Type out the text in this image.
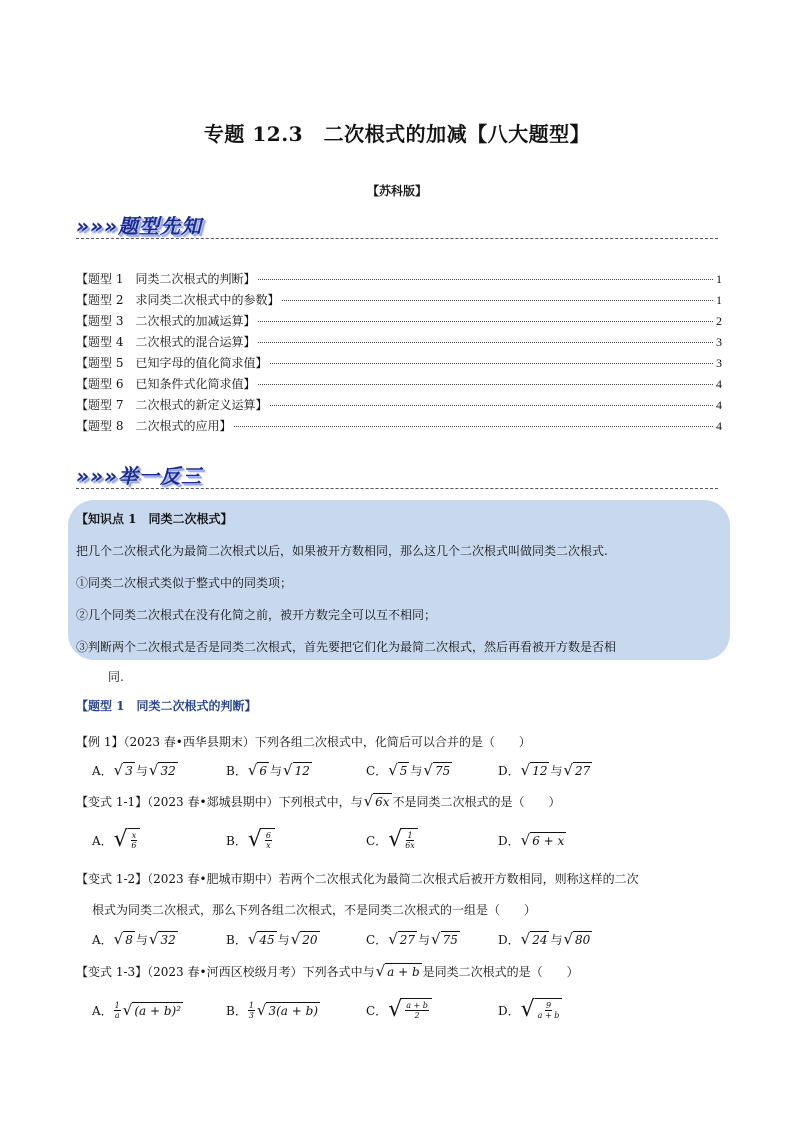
专题 12.3　二次根式的加减【八大题型】
【苏科版】
»»»题型先知
【题型 1　同类二次根式的判断】	1
【题型 2　求同类二次根式中的参数】	1
【题型 3　二次根式的加减运算】	2
【题型 4　二次根式的混合运算】	3
【题型 5　已知字母的值化简求值】	3
【题型 6　已知条件式化简求值】	4
【题型 7　二次根式的新定义运算】	4
【题型 8　二次根式的应用】	4
»»»举一反三
【知识点 1　同类二次根式】
把几个二次根式化为最简二次根式以后，如果被开方数相同，那么这几个二次根式叫做同类二次根式.
①同类二次根式类似于整式中的同类项；
②几个同类二次根式在没有化简之前，被开方数完全可以互不相同；
③判断两个二次根式是否是同类二次根式，首先要把它们化为最简二次根式，然后再看被开方数是否相
同.
【题型 1　同类二次根式的判断】
【例 1】（2023 春•西华县期末）下列各组二次根式中，化简后可以合并的是（　　）
A． √ 3 与 √ 32	B． √ 6 与 √ 12	C． √ 5 与 √ 75	D． √ 12 与 √ 27
【变式 1-1】（2023 春•郯城县期中）下列根式中，与 √ 6x 不是同类二次根式的是（　　）
A． √ $\frac{x}{6}$	B． √ $\frac{6}{x}$	C． √ $\frac{1}{6x}$	D． √ 6 + x
【变式 1-2】（2023 春•肥城市期中）若两个二次根式化为最简二次根式后被开方数相同，则称这样的二次
根式为同类二次根式，那么下列各组二次根式，不是同类二次根式的一组是（　　）
A． √ 8 与 √ 32	B． √ 45 与 √ 20	C． √ 27 与 √ 75	D． √ 24 与 √ 80
【变式 1-3】（2023 春•河西区校级月考）下列各式中与 √ a + b 是同类二次根式的是（　　）
A． $\frac{1}{a}$ √ (a + b)²	B． $\frac{1}{3}$ √ 3(a + b)	C． √ $\frac{a + b}{2}$	D． √ $\frac{9}{a + b}$
